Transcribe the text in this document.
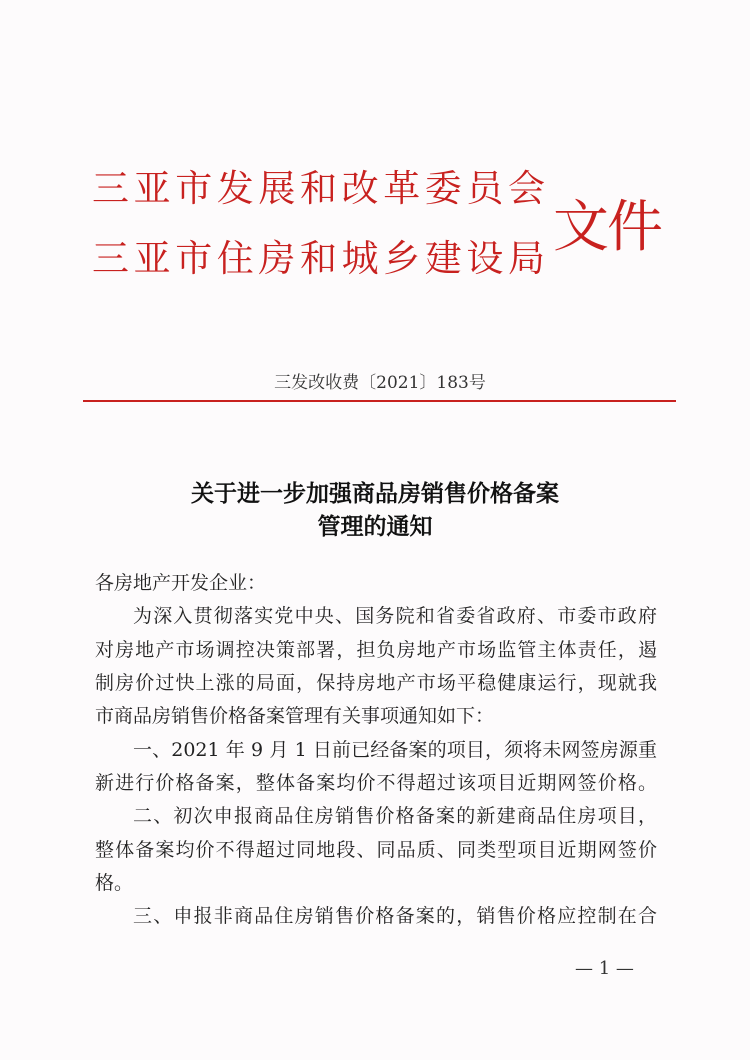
三亚市发展和改革委员会
三亚市住房和城乡建设局 文件
三发改收费〔2021〕183号
关于进一步加强商品房销售价格备案
管理的通知
各房地产开发企业：
为深入贯彻落实党中央、国务院和省委省政府、市委市政府
对房地产市场调控决策部署，担负房地产市场监管主体责任，遏
制房价过快上涨的局面，保持房地产市场平稳健康运行，现就我
市商品房销售价格备案管理有关事项通知如下：
一、2021 年 9 月 1 日前已经备案的项目，须将未网签房源重
新进行价格备案，整体备案均价不得超过该项目近期网签价格。
二、初次申报商品住房销售价格备案的新建商品住房项目，
整体备案均价不得超过同地段、同品质、同类型项目近期网签价
格。
三、申报非商品住房销售价格备案的，销售价格应控制在合
— 1 —
